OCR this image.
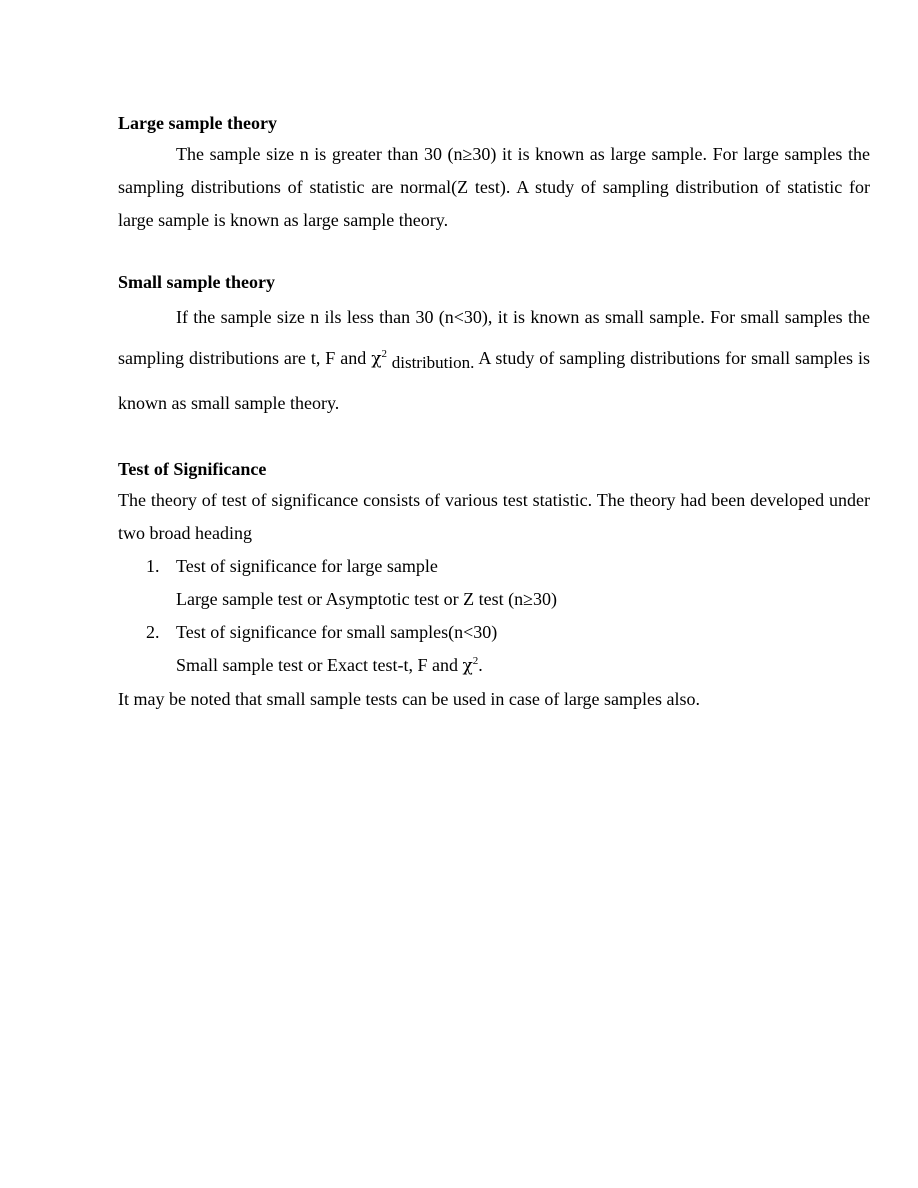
Large sample theory

The sample size n is greater than 30 (n≥30) it is known as large sample. For large samples the sampling distributions of statistic are normal(Z test). A study of sampling distribution of statistic for large sample is known as large sample theory.

Small sample theory

If the sample size n ils less than 30 (n<30), it is known as small sample. For small samples the sampling distributions are t, F and $\chi^2$ distribution. A study of sampling distributions for small samples is known as small sample theory.

Test of Significance

The theory of test of significance consists of various test statistic. The theory had been developed under two broad heading

1. Test of significance for large sample
Large sample test or Asymptotic test or Z test (n≥30)
2. Test of significance for small samples(n<30)
Small sample test or Exact test-t, F and $\chi^2$.

It may be noted that small sample tests can be used in case of large samples also.
